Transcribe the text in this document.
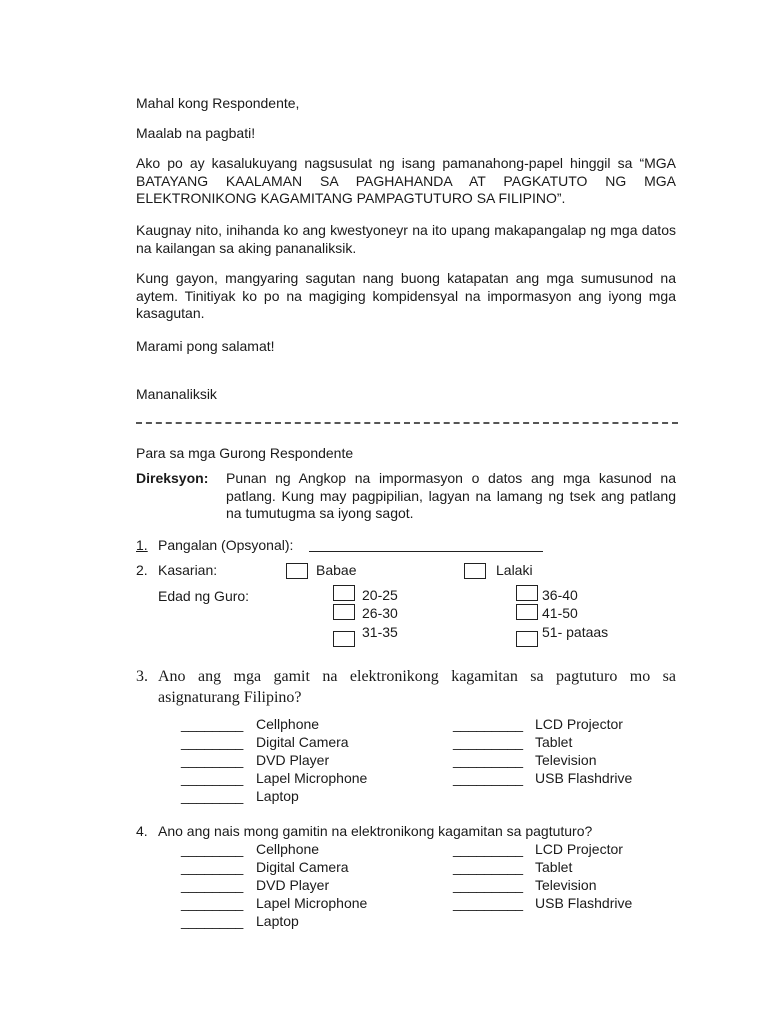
Mahal kong Respondente,
Maalab na pagbati!

Ako po ay kasalukuyang nagsusulat ng isang pamanahong-papel hinggil sa “MGA BATAYANG KAALAMAN SA PAGHAHANDA AT PAGKATUTO NG MGA ELEKTRONIKONG KAGAMITANG PAMPAGTUTURO SA FILIPINO”.

Kaugnay nito, inihanda ko ang kwestyoneyr na ito upang makapangalap ng mga datos na kailangan sa aking pananaliksik.

Kung gayon, mangyaring sagutan nang buong katapatan ang mga sumusunod na aytem. Tinitiyak ko po na magiging kompidensyal na impormasyon ang iyong mga kasagutan.

Marami pong salamat!
Mananaliksik
Para sa mga Gurong Respondente
Direksyon: Punan ng Angkop na impormasyon o datos ang mga kasunod na patlang. Kung may pagpipilian, lagyan na lamang ng tsek ang patlang na tumutugma sa iyong sagot.

1. Pangalan (Opsyonal):
2. Kasarian:	Babae	Lalaki
Edad ng Guro:	20-25
26-30
31-35
36-40
41-50
51- pataas
3. Ano ang mga gamit na elektronikong kagamitan sa pagtuturo mo sa
asignaturang Filipino?
________ Cellphone
________ Digital Camera
________ DVD Player
________ Lapel Microphone
________ Laptop
_________ LCD Projector
_________ Tablet
_________ Television
_________ USB Flashdrive
4. Ano ang nais mong gamitin na elektronikong kagamitan sa pagtuturo?
________ Cellphone
________ Digital Camera
________ DVD Player
________ Lapel Microphone
________ Laptop
_________ LCD Projector
_________ Tablet
_________ Television
_________ USB Flashdrive
